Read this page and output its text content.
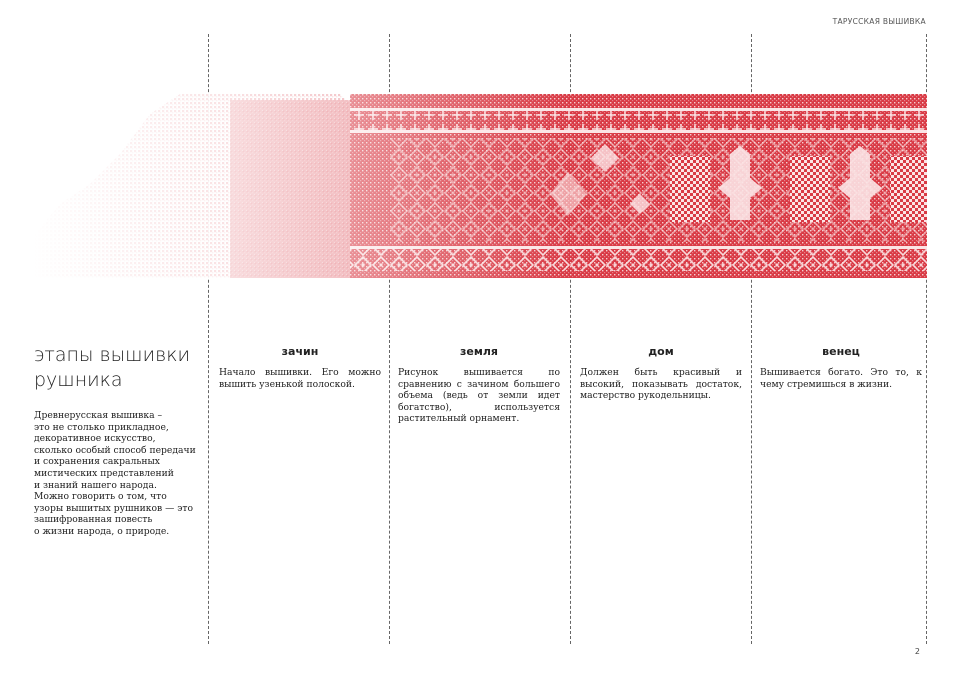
ТАРУССКАЯ ВЫШИВКА
этапы вышивки
рушника

Древнерусская вышивка –
это не столько прикладное,
декоративное искусство,
сколько особый способ передачи
и сохранения сакральных
мистических представлений
и знаний нашего народа.
Можно говорить о том, что
узоры вышитых рушников — это
зашифрованная повесть
о жизни народа, о природе.

зачин

Начало вышивки. Его можно вышить узенькой полоской.

земля

Рисунок вышивается по сравнению с зачином большего объема (ведь от земли идет богатство), используется растительный орнамент.

дом

Должен быть красивый и высокий, показывать достаток, мастерство рукодельницы.

венец

Вышивается богато. Это то, к чему стремишься в жизни.

2
